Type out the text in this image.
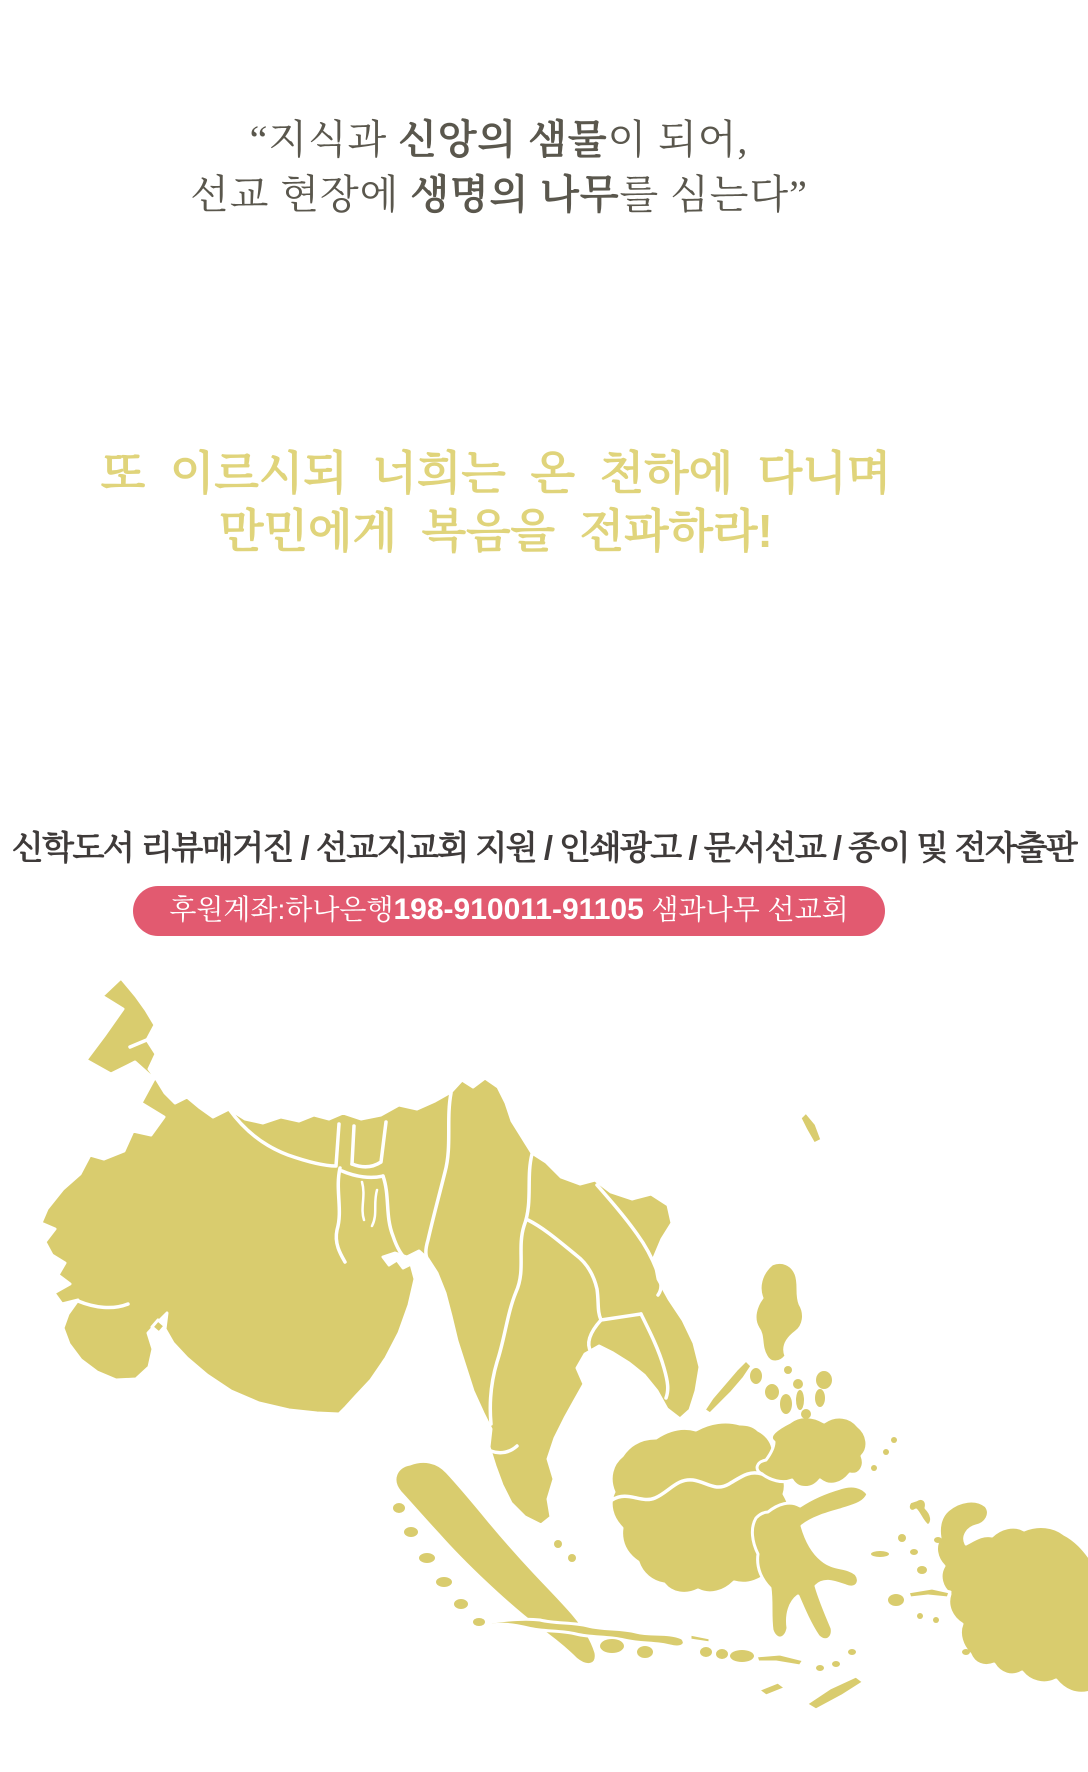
“지식과 신앙의 샘물이 되어,
선교 현장에 생명의 나무를 심는다”
또 이르시되 너희는 온 천하에 다니며
만민에게 복음을 전파하라!
신학도서 리뷰매거진 / 선교지교회 지원 / 인쇄광고 / 문서선교 / 종이 및 전자출판
후원계좌:하나은행198-910011-91105 샘과나무 선교회
